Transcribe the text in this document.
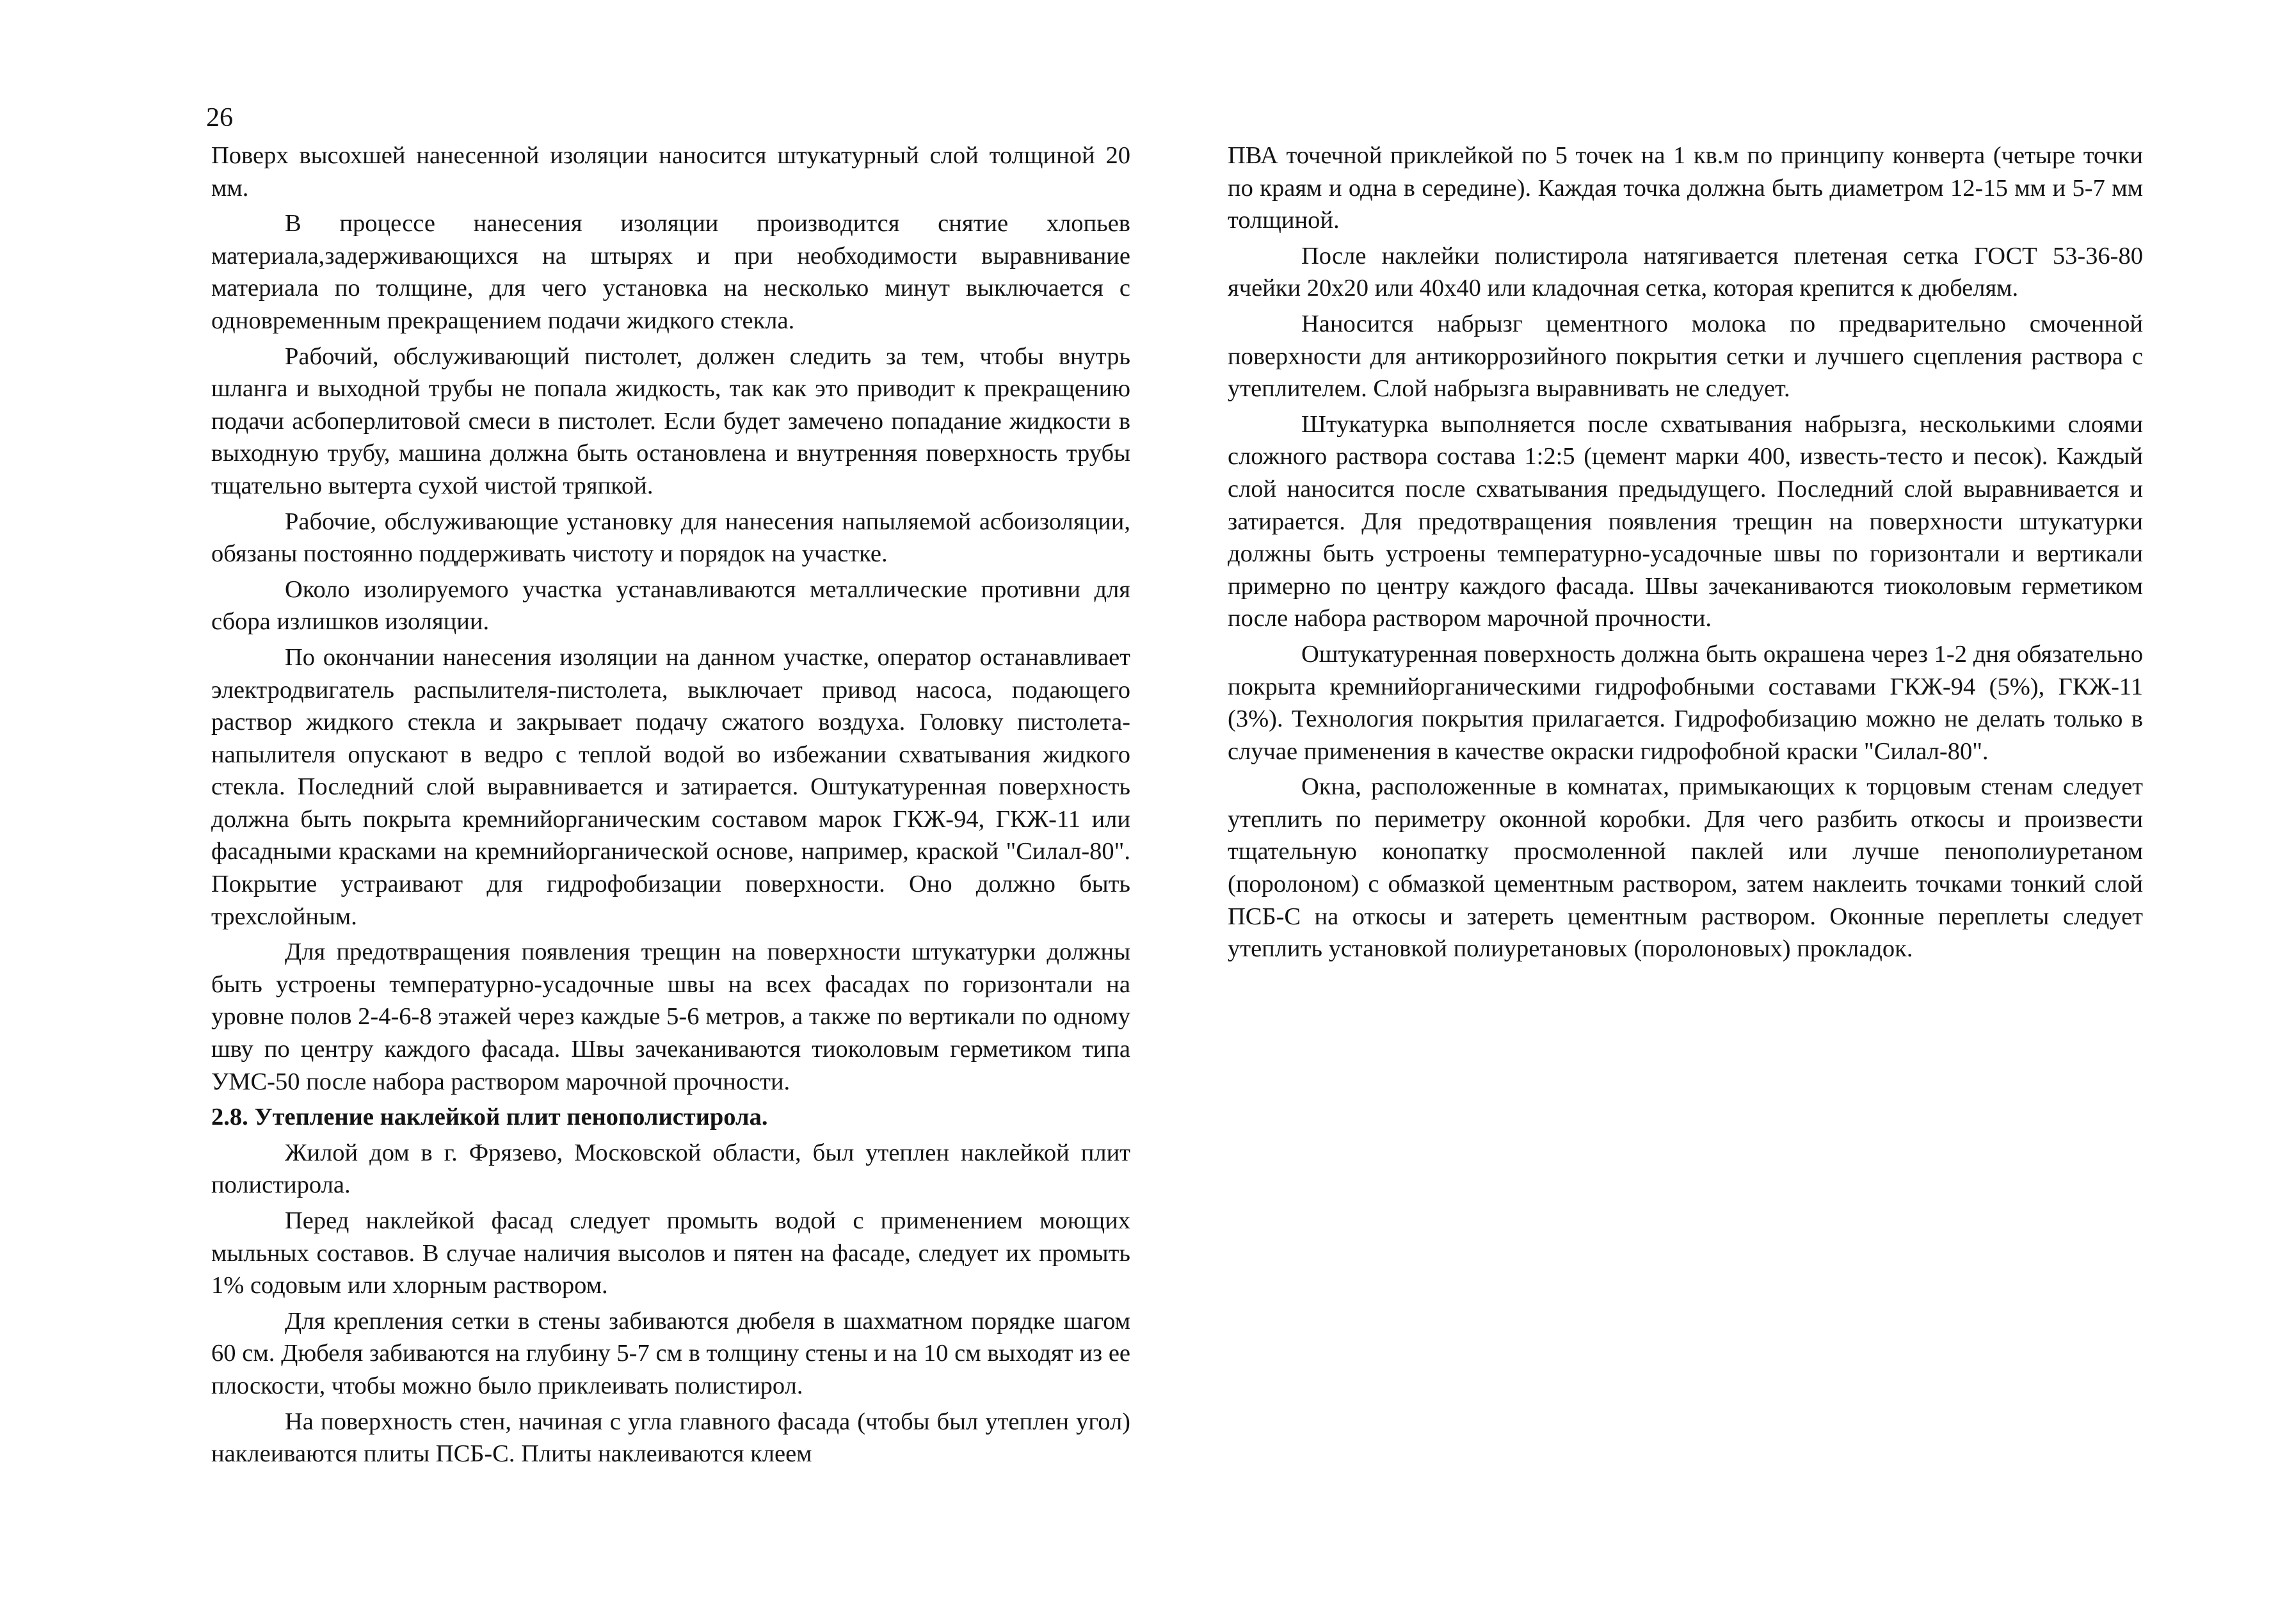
26
Поверх высохшей нанесенной изоляции наносится штукатурный слой толщиной 20 мм.
В процессе нанесения изоляции производится снятие хлопьев материала,задерживающихся на штырях и при необходимости выравнивание материала по толщине, для чего установка на несколько минут выключается с одновременным прекращением подачи жидкого стекла.
Рабочий, обслуживающий пистолет, должен следить за тем, чтобы внутрь шланга и выходной трубы не попала жидкость, так как это приводит к прекращению подачи асбоперлитовой смеси в пистолет. Если будет замечено попадание жидкости в выходную трубу, машина должна быть остановлена и внутренняя поверхность трубы тщательно вытерта сухой чистой тряпкой.
Рабочие, обслуживающие установку для нанесения напыляемой асбоизоляции, обязаны постоянно поддерживать чистоту и порядок на участке.
Около изолируемого участка устанавливаются металлические противни для сбора излишков изоляции.
По окончании нанесения изоляции на данном участке, оператор останавливает электродвигатель распылителя-пистолета, выключает привод насоса, подающего раствор жидкого стекла и закрывает подачу сжатого воздуха. Головку пистолета-напылителя опускают в ведро с теплой водой во избежании схватывания жидкого стекла. Последний слой выравнивается и затирается. Оштукатуренная поверхность должна быть покрыта кремнийорганическим составом марок ГКЖ-94, ГКЖ-11 или фасадными красками на кремнийорганической основе, например, краской "Силал-80". Покрытие устраивают для гидрофобизации поверхности. Оно должно быть трехслойным.
Для предотвращения появления трещин на поверхности штукатурки должны быть устроены температурно-усадочные швы на всех фасадах по горизонтали на уровне полов 2-4-6-8 этажей через каждые 5-6 метров, а также по вертикали по одному шву по центру каждого фасада. Швы зачеканиваются тиоколовым герметиком типа УМС-50 после набора раствором марочной прочности.
2.8. Утепление наклейкой плит пенополистирола.
Жилой дом в г. Фрязево, Московской области, был утеплен наклейкой плит полистирола.
Перед наклейкой фасад следует промыть водой с применением моющих мыльных составов. В случае наличия высолов и пятен на фасаде, следует их промыть 1% содовым или хлорным раствором.
Для крепления сетки в стены забиваются дюбеля в шахматном порядке шагом 60 см. Дюбеля забиваются на глубину 5-7 см в толщину стены и на 10 см выходят из ее плоскости, чтобы можно было приклеивать полистирол.
На поверхность стен, начиная с угла главного фасада (чтобы был утеплен угол) наклеиваются плиты ПСБ-С. Плиты наклеиваются клеем
ПВА точечной приклейкой по 5 точек на 1 кв.м по принципу конверта (четыре точки по краям и одна в середине). Каждая точка должна быть диаметром 12-15 мм и 5-7 мм толщиной.
После наклейки полистирола натягивается плетеная сетка ГОСТ 53-36-80 ячейки 20х20 или 40х40 или кладочная сетка, которая крепится к дюбелям.
Наносится набрызг цементного молока по предварительно смоченной поверхности для антикоррозийного покрытия сетки и лучшего сцепления раствора с утеплителем. Слой набрызга выравнивать не следует.
Штукатурка выполняется после схватывания набрызга, несколькими слоями сложного раствора состава 1:2:5 (цемент марки 400, известь-тесто и песок). Каждый слой наносится после схватывания предыдущего. Последний слой выравнивается и затирается. Для предотвращения появления трещин на поверхности штукатурки должны быть устроены температурно-усадочные швы по горизонтали и вертикали примерно по центру каждого фасада. Швы зачеканиваются тиоколовым герметиком после набора раствором марочной прочности.
Оштукатуренная поверхность должна быть окрашена через 1-2 дня обязательно покрыта кремнийорганическими гидрофобными составами ГКЖ-94 (5%), ГКЖ-11 (3%). Технология покрытия прилагается. Гидрофобизацию можно не делать только в случае применения в качестве окраски гидрофобной краски "Силал-80".
Окна, расположенные в комнатах, примыкающих к торцовым стенам следует утеплить по периметру оконной коробки. Для чего разбить откосы и произвести тщательную конопатку просмоленной паклей или лучше пенополиуретаном (поролоном) с обмазкой цементным раствором, затем наклеить точками тонкий слой ПСБ-С на откосы и затереть цементным раствором. Оконные переплеты следует утеплить установкой полиуретановых (поролоновых) прокладок.
